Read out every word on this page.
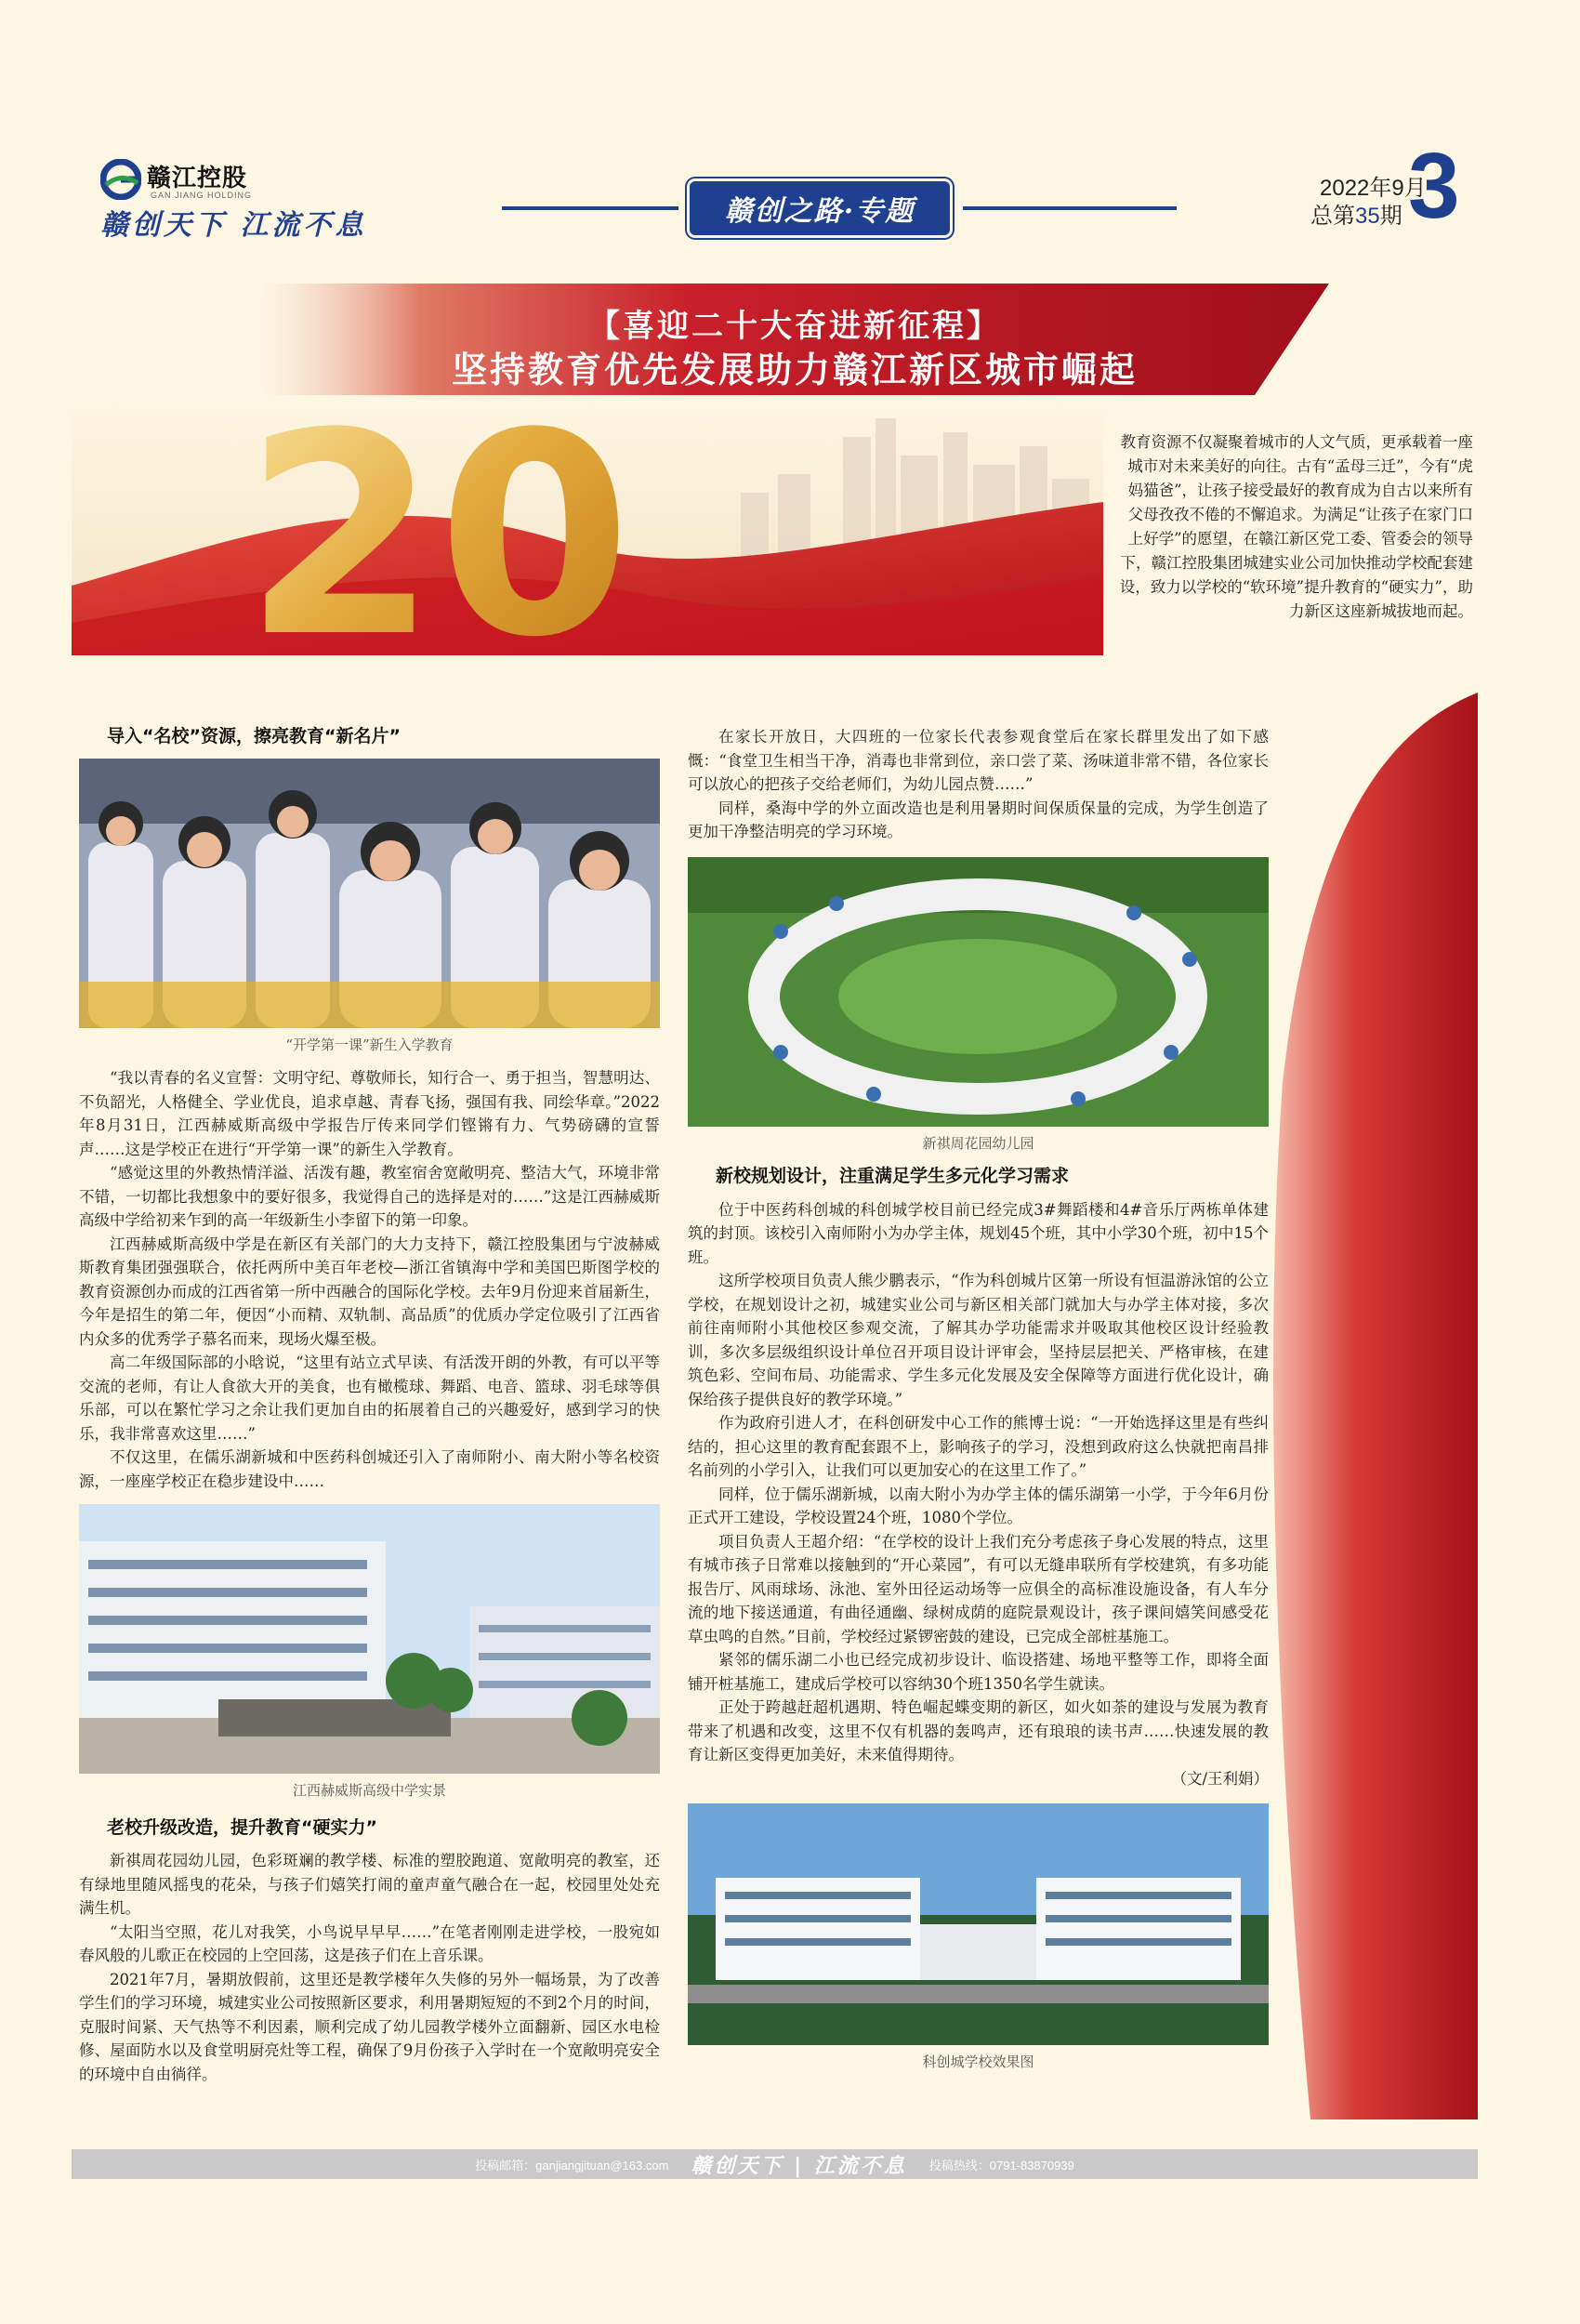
赣江控股
GAN JIANG HOLDING
赣创天下 江流不息	赣创之路·专题
2022年9月
总第35期 3
【喜迎二十大奋进新征程】
坚持教育优先发展助力赣江新区城市崛起
20	教育资源不仅凝聚着城市的人文气质，更承载着一座城市对未来美好的向往。古有“孟母三迁”，今有“虎妈猫爸”，让孩子接受最好的教育成为自古以来所有父母孜孜不倦的不懈追求。为满足“让孩子在家门口上好学”的愿望，在赣江新区党工委、管委会的领导下，赣江控股集团城建实业公司加快推动学校配套建设，致力以学校的“软环境”提升教育的“硬实力”，助力新区这座新城拔地而起。
导入“名校”资源，擦亮教育“新名片”
“开学第一课”新生入学教育

“我以青春的名义宣誓：文明守纪、尊敬师长，知行合一、勇于担当，智慧明达、不负韶光，人格健全、学业优良，追求卓越、青春飞扬，强国有我、同绘华章。”2022年8月31日，江西赫威斯高级中学报告厅传来同学们铿锵有力、气势磅礴的宣誓声……这是学校正在进行“开学第一课”的新生入学教育。

“感觉这里的外教热情洋溢、活泼有趣，教室宿舍宽敞明亮、整洁大气，环境非常不错，一切都比我想象中的要好很多，我觉得自己的选择是对的……”这是江西赫威斯高级中学给初来乍到的高一年级新生小李留下的第一印象。

江西赫威斯高级中学是在新区有关部门的大力支持下，赣江控股集团与宁波赫威斯教育集团强强联合，依托两所中美百年老校—浙江省镇海中学和美国巴斯图学校的教育资源创办而成的江西省第一所中西融合的国际化学校。去年9月份迎来首届新生，今年是招生的第二年，便因“小而精、双轨制、高品质”的优质办学定位吸引了江西省内众多的优秀学子慕名而来，现场火爆至极。

高二年级国际部的小晗说，“这里有站立式早读、有活泼开朗的外教，有可以平等交流的老师，有让人食欲大开的美食，也有橄榄球、舞蹈、电音、篮球、羽毛球等俱乐部，可以在繁忙学习之余让我们更加自由的拓展着自己的兴趣爱好，感到学习的快乐，我非常喜欢这里……”

不仅这里，在儒乐湖新城和中医药科创城还引入了南师附小、南大附小等名校资源，一座座学校正在稳步建设中……

江西赫威斯高级中学实景
老校升级改造，提升教育“硬实力”

新祺周花园幼儿园，色彩斑斓的教学楼、标准的塑胶跑道、宽敞明亮的教室，还有绿地里随风摇曳的花朵，与孩子们嬉笑打闹的童声童气融合在一起，校园里处处充满生机。

“太阳当空照，花儿对我笑，小鸟说早早早……”在笔者刚刚走进学校，一股宛如春风般的儿歌正在校园的上空回荡，这是孩子们在上音乐课。

2021年7月，暑期放假前，这里还是教学楼年久失修的另外一幅场景，为了改善学生们的学习环境，城建实业公司按照新区要求，利用暑期短短的不到2个月的时间，克服时间紧、天气热等不利因素，顺利完成了幼儿园教学楼外立面翻新、园区水电检修、屋面防水以及食堂明厨亮灶等工程，确保了9月份孩子入学时在一个宽敞明亮安全的环境中自由徜徉。

在家长开放日，大四班的一位家长代表参观食堂后在家长群里发出了如下感慨：“食堂卫生相当干净，消毒也非常到位，亲口尝了菜、汤味道非常不错，各位家长可以放心的把孩子交给老师们，为幼儿园点赞……”

同样，桑海中学的外立面改造也是利用暑期时间保质保量的完成，为学生创造了更加干净整洁明亮的学习环境。

新祺周花园幼儿园
新校规划设计，注重满足学生多元化学习需求

位于中医药科创城的科创城学校目前已经完成3#舞蹈楼和4#音乐厅两栋单体建筑的封顶。该校引入南师附小为办学主体，规划45个班，其中小学30个班，初中15个班。

这所学校项目负责人熊少鹏表示，“作为科创城片区第一所设有恒温游泳馆的公立学校，在规划设计之初，城建实业公司与新区相关部门就加大与办学主体对接，多次前往南师附小其他校区参观交流，了解其办学功能需求并吸取其他校区设计经验教训，多次多层级组织设计单位召开项目设计评审会，坚持层层把关、严格审核，在建筑色彩、空间布局、功能需求、学生多元化发展及安全保障等方面进行优化设计，确保给孩子提供良好的教学环境。”

作为政府引进人才，在科创研发中心工作的熊博士说：“一开始选择这里是有些纠结的，担心这里的教育配套跟不上，影响孩子的学习，没想到政府这么快就把南昌排名前列的小学引入，让我们可以更加安心的在这里工作了。”

同样，位于儒乐湖新城，以南大附小为办学主体的儒乐湖第一小学，于今年6月份正式开工建设，学校设置24个班，1080个学位。

项目负责人王超介绍：“在学校的设计上我们充分考虑孩子身心发展的特点，这里有城市孩子日常难以接触到的“开心菜园”，有可以无缝串联所有学校建筑，有多功能报告厅、风雨球场、泳池、室外田径运动场等一应俱全的高标准设施设备，有人车分流的地下接送通道，有曲径通幽、绿树成荫的庭院景观设计，孩子课间嬉笑间感受花草虫鸣的自然。”目前，学校经过紧锣密鼓的建设，已完成全部桩基施工。

紧邻的儒乐湖二小也已经完成初步设计、临设搭建、场地平整等工作，即将全面铺开桩基施工，建成后学校可以容纳30个班1350名学生就读。

正处于跨越赶超机遇期、特色崛起蝶变期的新区，如火如荼的建设与发展为教育带来了机遇和改变，这里不仅有机器的轰鸣声，还有琅琅的读书声……快速发展的教育让新区变得更加美好，未来值得期待。

（文/王利娟）
科创城学校效果图
投稿邮箱：ganjiangjituan@163.com 赣创天下 | 江流不息 投稿热线：0791-83870939
